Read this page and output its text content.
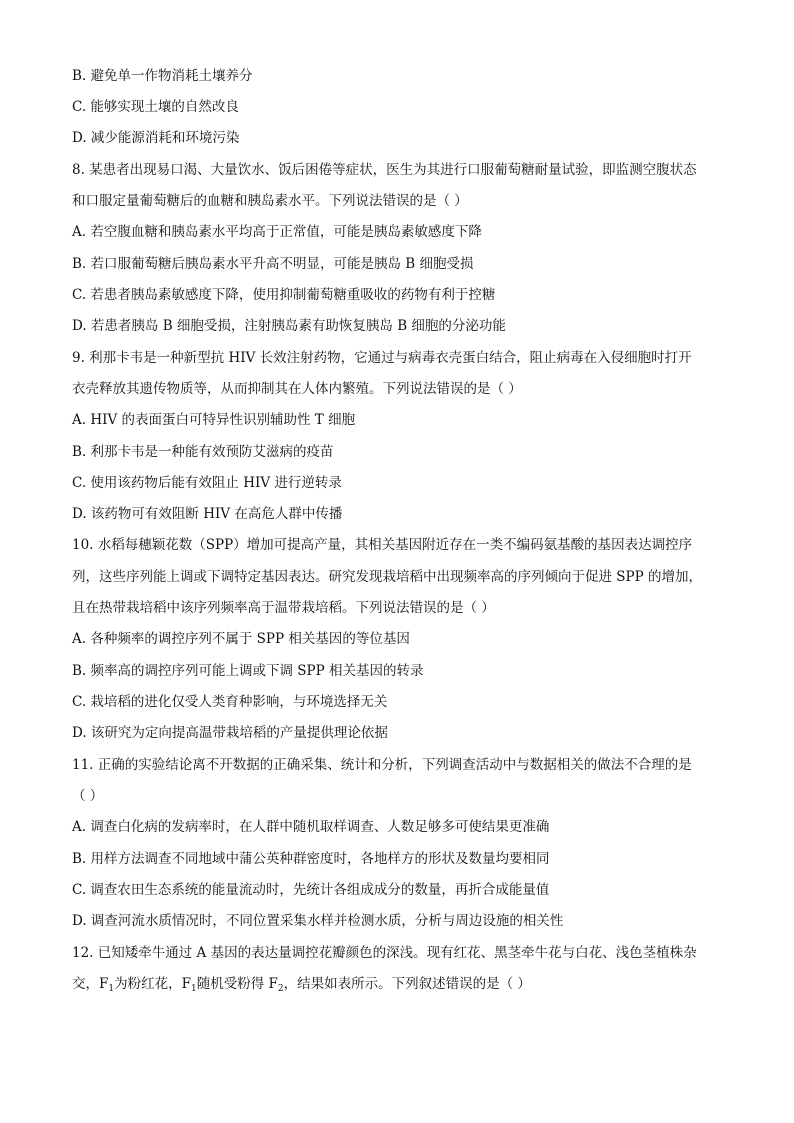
B. 避免单一作物消耗土壤养分
C. 能够实现土壤的自然改良
D. 减少能源消耗和环境污染
8. 某患者出现易口渴、大量饮水、饭后困倦等症状，医生为其进行口服葡萄糖耐量试验，即监测空腹状态
和口服定量葡萄糖后的血糖和胰岛素水平。下列说法错误的是（ ）
A. 若空腹血糖和胰岛素水平均高于正常值，可能是胰岛素敏感度下降
B. 若口服葡萄糖后胰岛素水平升高不明显，可能是胰岛 B 细胞受损
C. 若患者胰岛素敏感度下降，使用抑制葡萄糖重吸收的药物有利于控糖
D. 若患者胰岛 B 细胞受损，注射胰岛素有助恢复胰岛 B 细胞的分泌功能
9. 利那卡韦是一种新型抗 HIV 长效注射药物，它通过与病毒衣壳蛋白结合，阻止病毒在入侵细胞时打开
衣壳释放其遗传物质等，从而抑制其在人体内繁殖。下列说法错误的是（ ）
A. HIV 的表面蛋白可特异性识别辅助性 T 细胞
B. 利那卡韦是一种能有效预防艾滋病的疫苗
C. 使用该药物后能有效阻止 HIV 进行逆转录
D. 该药物可有效阻断 HIV 在高危人群中传播
10. 水稻每穗颖花数（SPP）增加可提高产量，其相关基因附近存在一类不编码氨基酸的基因表达调控序
列，这些序列能上调或下调特定基因表达。研究发现栽培稻中出现频率高的序列倾向于促进 SPP 的增加，
且在热带栽培稻中该序列频率高于温带栽培稻。下列说法错误的是（ ）
A. 各种频率的调控序列不属于 SPP 相关基因的等位基因
B. 频率高的调控序列可能上调或下调 SPP 相关基因的转录
C. 栽培稻的进化仅受人类育种影响，与环境选择无关
D. 该研究为定向提高温带栽培稻的产量提供理论依据
11. 正确的实验结论离不开数据的正确采集、统计和分析，下列调查活动中与数据相关的做法不合理的是
（ ）
A. 调查白化病的发病率时，在人群中随机取样调查、人数足够多可使结果更准确
B. 用样方法调查不同地域中蒲公英种群密度时，各地样方的形状及数量均要相同
C. 调查农田生态系统的能量流动时，先统计各组成成分的数量，再折合成能量值
D. 调查河流水质情况时，不同位置采集水样并检测水质，分析与周边设施的相关性
12. 已知矮牵牛通过 A 基因的表达量调控花瓣颜色的深浅。现有红花、黑茎牵牛花与白花、浅色茎植株杂
交，$F_1$为粉红花，$F_1$随机受粉得 $F_2$，结果如表所示。下列叙述错误的是（ ）
